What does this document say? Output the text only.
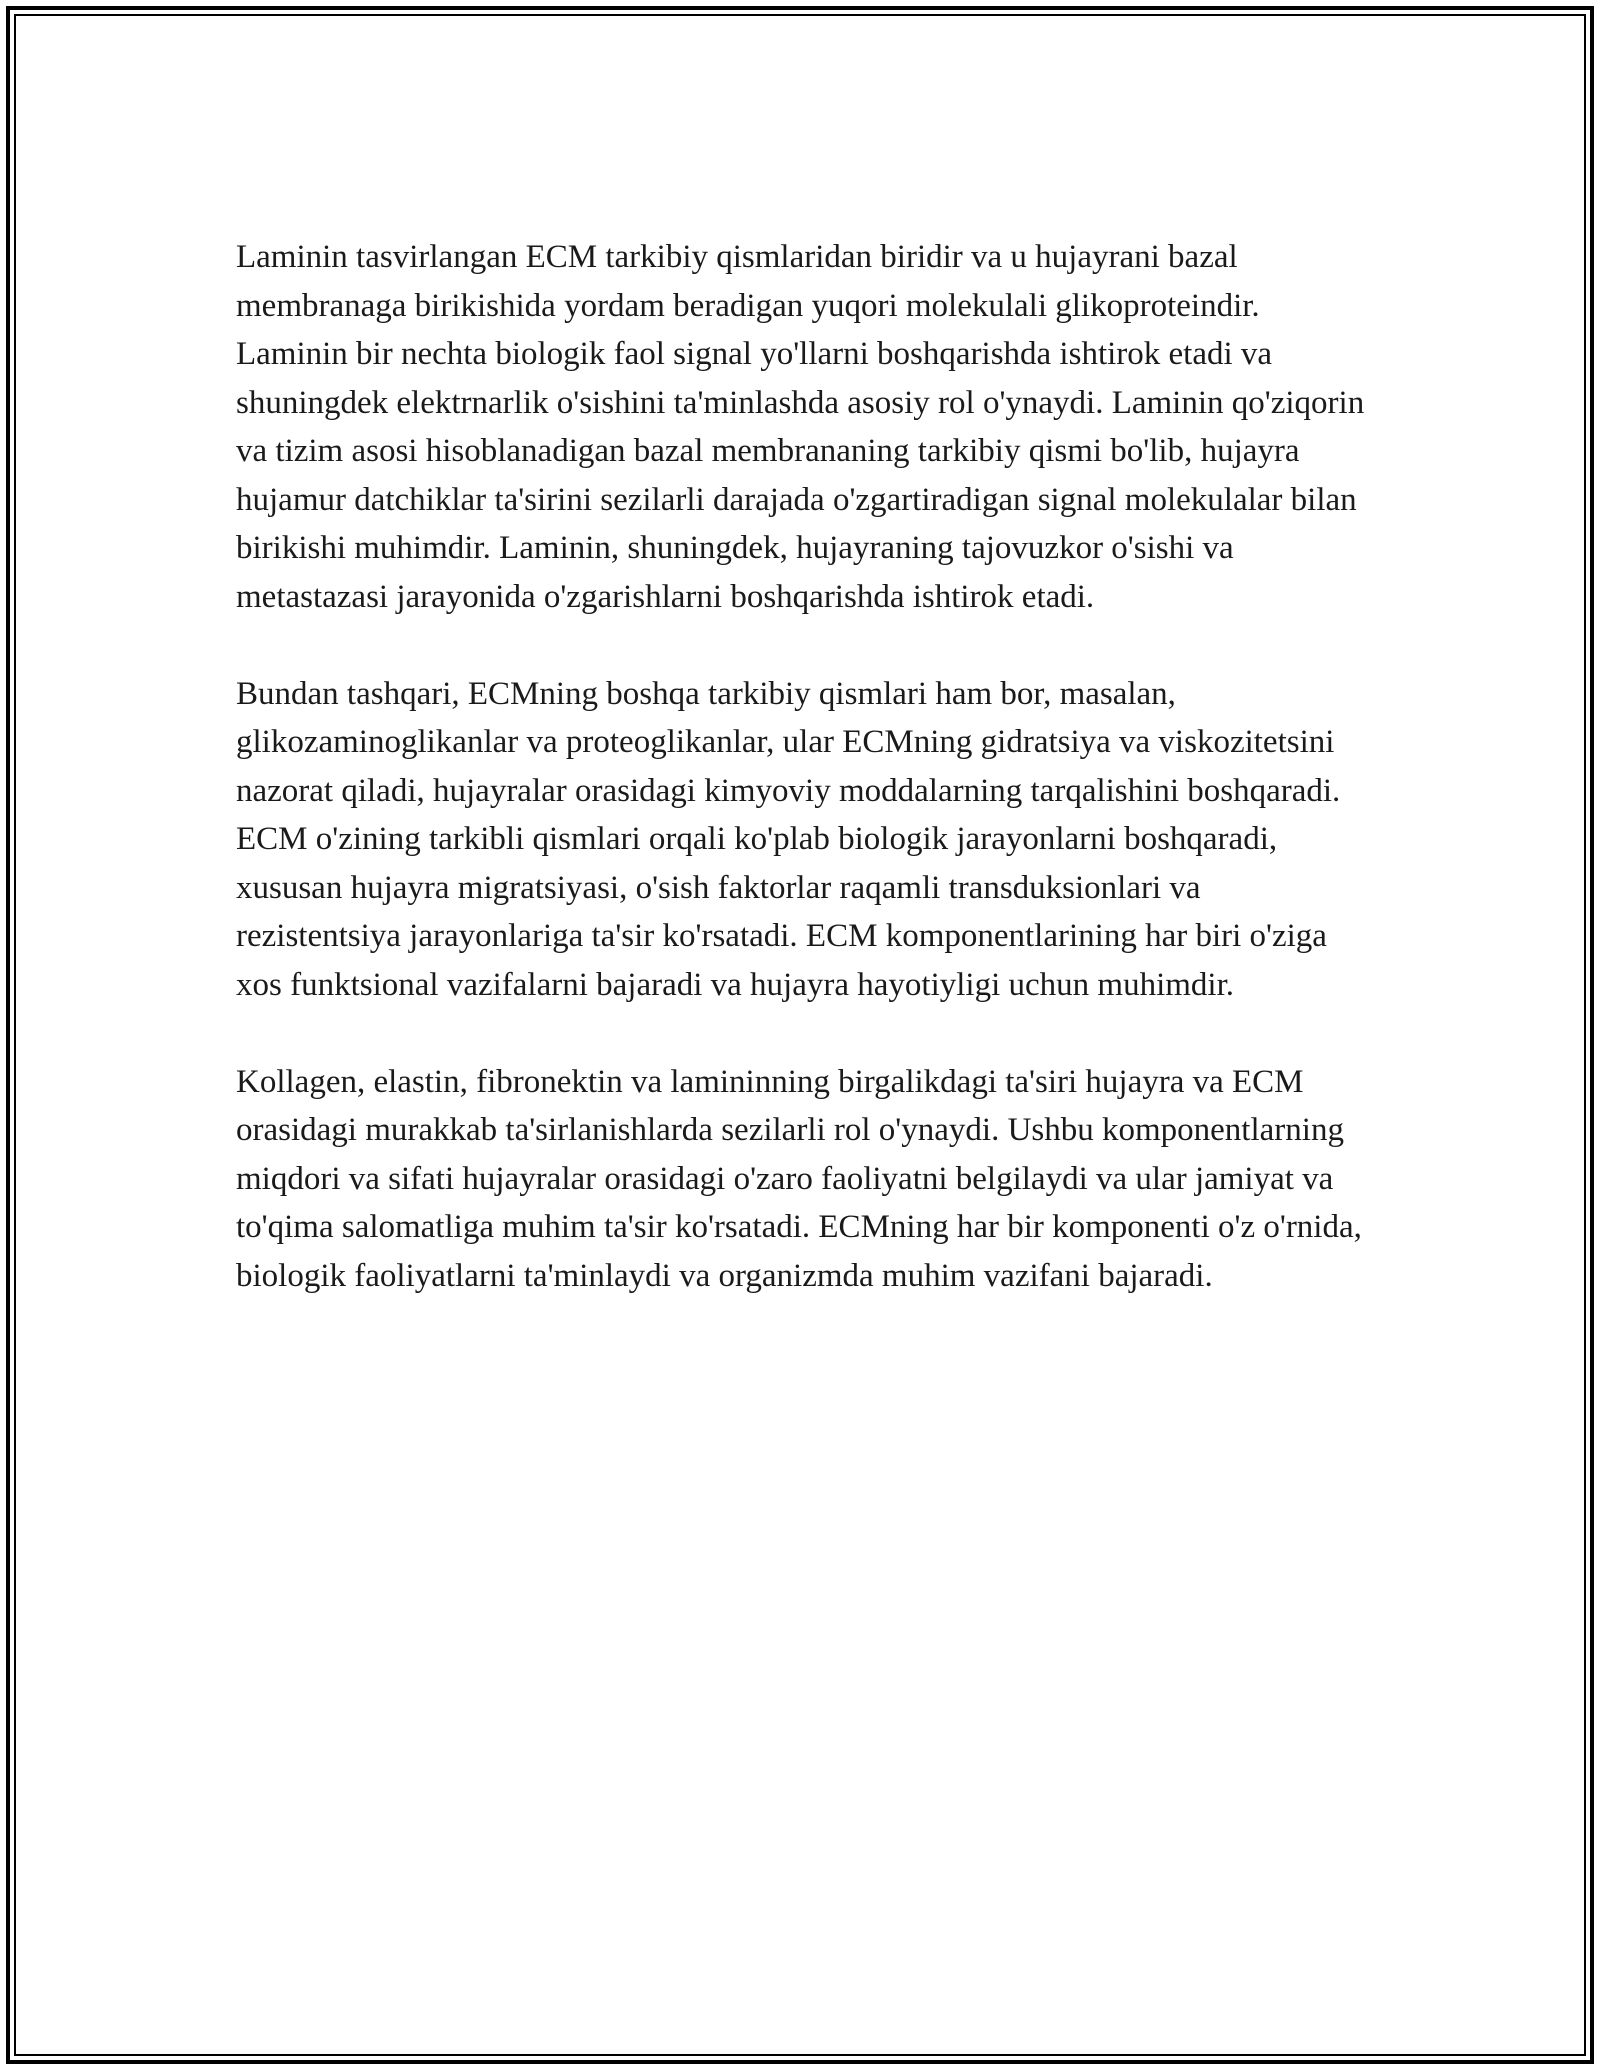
Laminin tasvirlangan ECM tarkibiy qismlaridan biridir va u hujayrani bazal membranaga birikishida yordam beradigan yuqori molekulali glikoproteindir. Laminin bir nechta biologik faol signal yo'llarni boshqarishda ishtirok etadi va shuningdek elektrnarlik o'sishini ta'minlashda asosiy rol o'ynaydi. Laminin qo'ziqorin va tizim asosi hisoblanadigan bazal membrananing tarkibiy qismi bo'lib, hujayra hujamur datchiklar ta'sirini sezilarli darajada o'zgartiradigan signal molekulalar bilan birikishi muhimdir. Laminin, shuningdek, hujayraning tajovuzkor o'sishi va metastazasi jarayonida o'zgarishlarni boshqarishda ishtirok etadi.

Bundan tashqari, ECMning boshqa tarkibiy qismlari ham bor, masalan, glikozaminoglikanlar va proteoglikanlar, ular ECMning gidratsiya va viskozitetsini nazorat qiladi, hujayralar orasidagi kimyoviy moddalarning tarqalishini boshqaradi. ECM o'zining tarkibli qismlari orqali ko'plab biologik jarayonlarni boshqaradi, xususan hujayra migratsiyasi, o'sish faktorlar raqamli transduksionlari va rezistentsiya jarayonlariga ta'sir ko'rsatadi. ECM komponentlarining har biri o'ziga xos funktsional vazifalarni bajaradi va hujayra hayotiyligi uchun muhimdir.

Kollagen, elastin, fibronektin va lamininning birgalikdagi ta'siri hujayra va ECM orasidagi murakkab ta'sirlanishlarda sezilarli rol o'ynaydi. Ushbu komponentlarning miqdori va sifati hujayralar orasidagi o'zaro faoliyatni belgilaydi va ular jamiyat va to'qima salomatliga muhim ta'sir ko'rsatadi. ECMning har bir komponenti o'z o'rnida, biologik faoliyatlarni ta'minlaydi va organizmda muhim vazifani bajaradi.
